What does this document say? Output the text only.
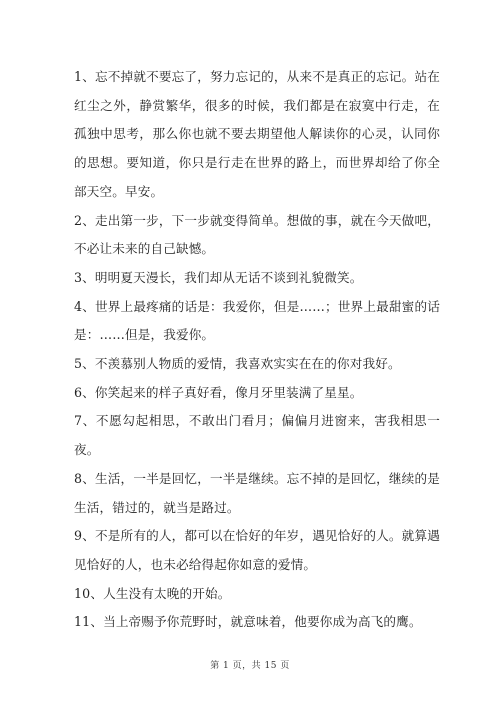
1、忘不掉就不要忘了，努力忘记的，从来不是真正的忘记。站在红尘之外，静赏繁华，很多的时候，我们都是在寂寞中行走，在孤独中思考，那么你也就不要去期望他人解读你的心灵，认同你的思想。要知道，你只是行走在世界的路上，而世界却给了你全部天空。早安。

2、走出第一步，下一步就变得简单。想做的事，就在今天做吧，不必让未来的自己缺憾。

3、明明夏天漫长，我们却从无话不谈到礼貌微笑。

4、世界上最疼痛的话是：我爱你，但是……；世界上最甜蜜的话是：……但是，我爱你。

5、不羡慕别人物质的爱情，我喜欢实实在在的你对我好。

6、你笑起来的样子真好看，像月牙里装满了星星。

7、不愿勾起相思，不敢出门看月；偏偏月进窗来，害我相思一夜。

8、生活，一半是回忆，一半是继续。忘不掉的是回忆，继续的是生活，错过的，就当是路过。

9、不是所有的人，都可以在恰好的年岁，遇见恰好的人。就算遇见恰好的人，也未必给得起你如意的爱情。

10、人生没有太晚的开始。

11、当上帝赐予你荒野时，就意味着，他要你成为高飞的鹰。

第 1 页，共 15 页
